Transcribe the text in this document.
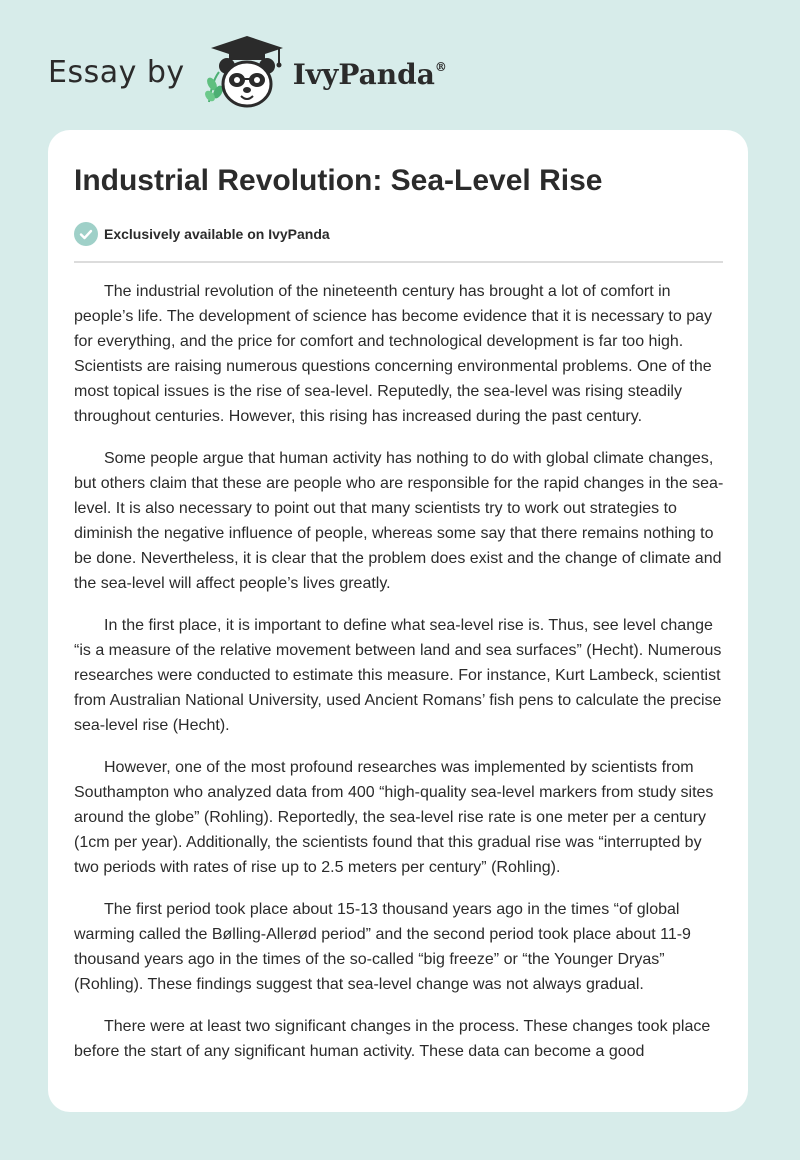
Essay by	IvyPanda®
Industrial Revolution: Sea-Level Rise
Exclusively available on IvyPanda

The industrial revolution of the nineteenth century has brought a lot of comfort in people’s life. The development of science has become evidence that it is necessary to pay for everything, and the price for comfort and technological development is far too high. Scientists are raising numerous questions concerning environmental problems. One of the most topical issues is the rise of sea-level. Reputedly, the sea-level was rising steadily throughout centuries. However, this rising has increased during the past century.

Some people argue that human activity has nothing to do with global climate changes, but others claim that these are people who are responsible for the rapid changes in the sea-level. It is also necessary to point out that many scientists try to work out strategies to diminish the negative influence of people, whereas some say that there remains nothing to be done. Nevertheless, it is clear that the problem does exist and the change of climate and the sea-level will affect people’s lives greatly.

In the first place, it is important to define what sea-level rise is. Thus, see level change “is a measure of the relative movement between land and sea surfaces” (Hecht). Numerous researches were conducted to estimate this measure. For instance, Kurt Lambeck, scientist from Australian National University, used Ancient Romans’ fish pens to calculate the precise sea-level rise (Hecht).

However, one of the most profound researches was implemented by scientists from Southampton who analyzed data from 400 “high-quality sea-level markers from study sites around the globe” (Rohling). Reportedly, the sea-level rise rate is one meter per a century (1cm per year). Additionally, the scientists found that this gradual rise was “interrupted by two periods with rates of rise up to 2.5 meters per century” (Rohling).

The first period took place about 15-13 thousand years ago in the times “of global warming called the Bølling-Allerød period” and the second period took place about 11-9 thousand years ago in the times of the so-called “big freeze” or “the Younger Dryas” (Rohling). These findings suggest that sea-level change was not always gradual.

There were at least two significant changes in the process. These changes took place before the start of any significant human activity. These data can become a good
